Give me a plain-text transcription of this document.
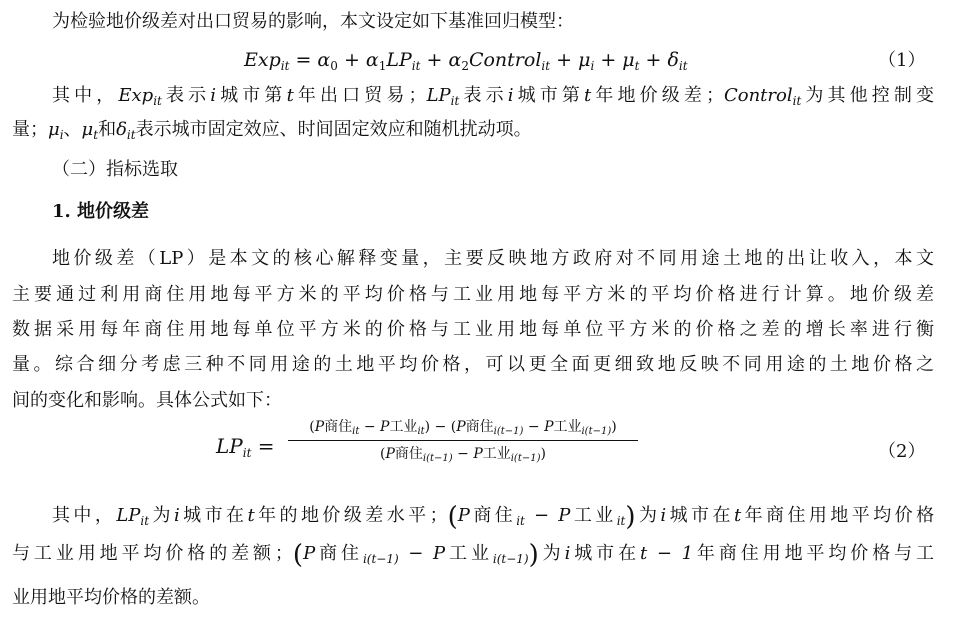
为检验地价级差对出口贸易的影响，本文设定如下基准回归模型：
$Exp_{it} = \alpha_0 + \alpha_1LP_{it}$ + $\alpha_2Control_{it} + \mu_i + \mu_t + \delta_{it}$	（1）
其中，Exp$_{it}$表示i城市第t年出口贸易；$LP_{it}$表示i城市第t年地价级差；Control$_{it}$为其他控制变
量；$\mu_i$、$\mu_t$和$\delta_{it}$表示城市固定效应、时间固定效应和随机扰动项。
（二）指标选取
1. 地价级差
地价级差（LP）是本文的核心解释变量，主要反映地方政府对不同用途土地的出让收入，本文
主要通过利用商住用地每平方米的平均价格与工业用地每平方米的平均价格进行计算。地价级差
数据采用每年商住用地每单位平方米的价格与工业用地每单位平方米的价格之差的增长率进行衡
量。综合细分考虑三种不同用途的土地平均价格，可以更全面更细致地反映不同用途的土地价格之
间的变化和影响。具体公式如下：
$LP_{it}$ =
(P商住$_{it}$ − P工业$_{it}$) − (P商住$_{i(t-1)}$ − P工业$_{i(t-1)}$)
(P商住$_{i(t-1)}$ − P工业$_{i(t-1)}$)	（2）
其中，$LP_{it}$为i城市在t年的地价级差水平；(P商住$_{it}$ − P工业$_{it}$)为i城市在t年商住用地平均价格
与工业用地平均价格的差额；(P商住$_{i(t-1)}$ − P工业$_{i(t-1)}$)为i城市在t − 1年商住用地平均价格与工
业用地平均价格的差额。
